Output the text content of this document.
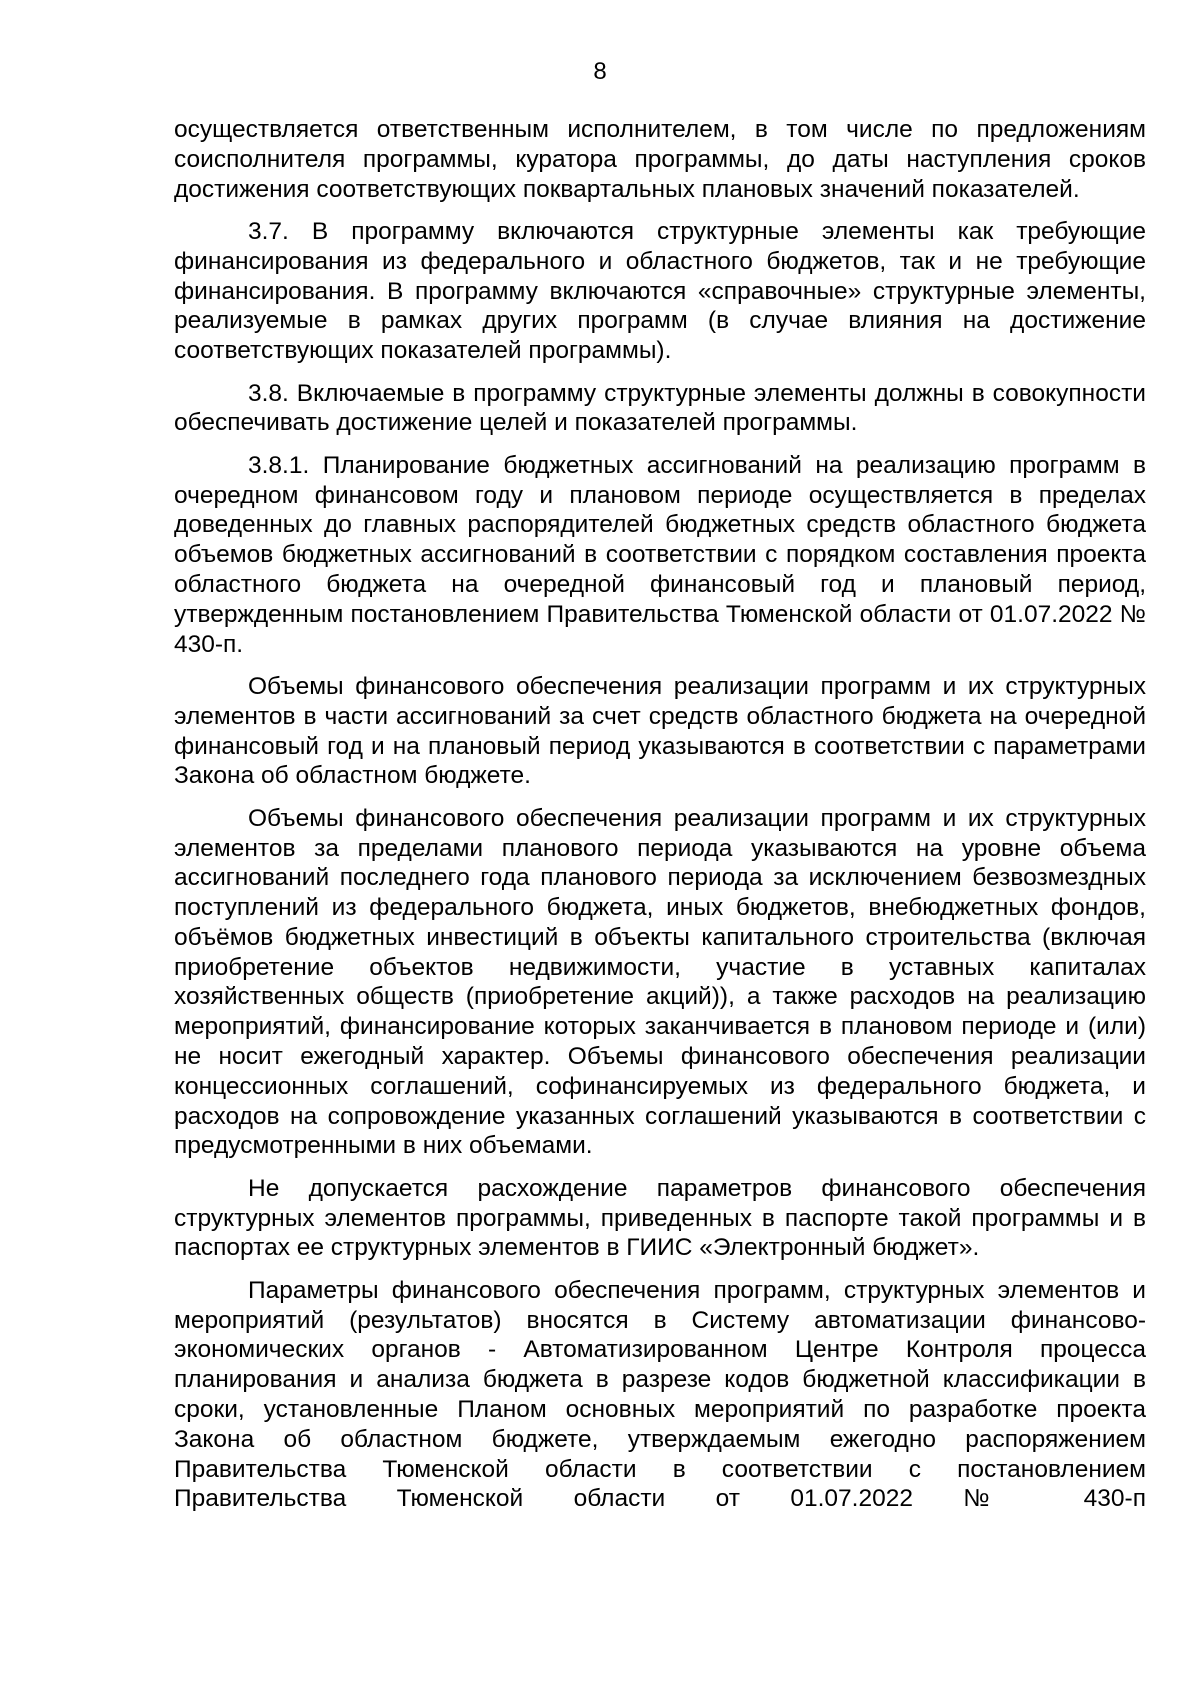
8

осуществляется ответственным исполнителем, в том числе по предложениям соисполнителя программы, куратора программы, до даты наступления сроков достижения соответствующих поквартальных плановых значений показателей.

3.7. В программу включаются структурные элементы как требующие финансирования из федерального и областного бюджетов, так и не требующие финансирования. В программу включаются «справочные» структурные элементы, реализуемые в рамках других программ (в случае влияния на достижение соответствующих показателей программы).

3.8. Включаемые в программу структурные элементы должны в совокупности обеспечивать достижение целей и показателей программы.

3.8.1. Планирование бюджетных ассигнований на реализацию программ в очередном финансовом году и плановом периоде осуществляется в пределах доведенных до главных распорядителей бюджетных средств областного бюджета объемов бюджетных ассигнований в соответствии с порядком составления проекта областного бюджета на очередной финансовый год и плановый период, утвержденным постановлением Правительства Тюменской области от 01.07.2022 № 430-п.

Объемы финансового обеспечения реализации программ и их структурных элементов в части ассигнований за счет средств областного бюджета на очередной финансовый год и на плановый период указываются в соответствии с параметрами Закона об областном бюджете.

Объемы финансового обеспечения реализации программ и их структурных элементов за пределами планового периода указываются на уровне объема ассигнований последнего года планового периода за исключением безвозмездных поступлений из федерального бюджета, иных бюджетов, внебюджетных фондов, объёмов бюджетных инвестиций в объекты капитального строительства (включая приобретение объектов недвижимости, участие в уставных капиталах хозяйственных обществ (приобретение акций)), а также расходов на реализацию мероприятий, финансирование которых заканчивается в плановом периоде и (или) не носит ежегодный характер. Объемы финансового обеспечения реализации концессионных соглашений, софинансируемых из федерального бюджета, и расходов на сопровождение указанных соглашений указываются в соответствии с предусмотренными в них объемами.

Не допускается расхождение параметров финансового обеспечения структурных элементов программы, приведенных в паспорте такой программы и в паспортах ее структурных элементов в ГИИС «Электронный бюджет».

Параметры финансового обеспечения программ, структурных элементов и мероприятий (результатов) вносятся в Систему автоматизации финансово-экономических органов - Автоматизированном Центре Контроля процесса планирования и анализа бюджета в разрезе кодов бюджетной классификации в сроки, установленные Планом основных мероприятий по разработке проекта Закона об областном бюджете, утверждаемым ежегодно распоряжением Правительства Тюменской области в соответствии с постановлением Правительства Тюменской области от 01.07.2022 № 430-п
